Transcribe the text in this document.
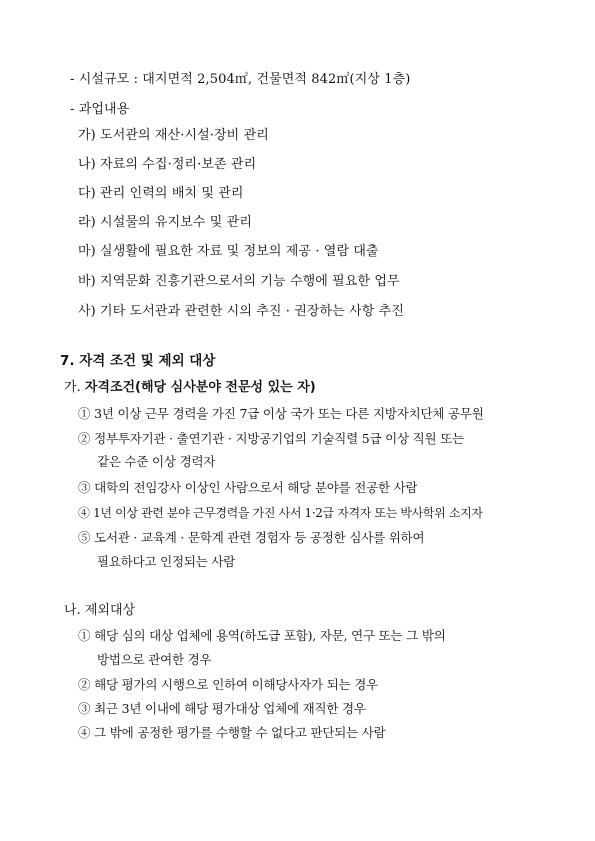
- 시설규모 : 대지면적 2,504㎡, 건물면적 842㎡(지상 1층)
- 과업내용
가) 도서관의 재산·시설·장비 관리
나) 자료의 수집·정리·보존 관리
다) 관리 인력의 배치 및 관리
라) 시설물의 유지보수 및 관리
마) 실생활에 필요한 자료 및 정보의 제공 · 열람 대출
바) 지역문화 진흥기관으로서의 기능 수행에 필요한 업무
사) 기타 도서관과 관련한 시의 추진 · 권장하는 사항 추진
7. 자격 조건 및 제외 대상
가. 자격조건(해당 심사분야 전문성 있는 자)
① 3년 이상 근무 경력을 가진 7급 이상 국가 또는 다른 지방자치단체 공무원
② 정부투자기관 · 출연기관 · 지방공기업의 기술직렬 5급 이상 직원 또는
같은 수준 이상 경력자
③ 대학의 전임강사 이상인 사람으로서 해당 분야를 전공한 사람
④ 1년 이상 관련 분야 근무경력을 가진 사서 1·2급 자격자 또는 박사학위 소지자
⑤ 도서관 · 교육계 · 문학계 관련 경험자 등 공정한 심사를 위하여
필요하다고 인정되는 사람
나. 제외대상
① 해당 심의 대상 업체에 용역(하도급 포함), 자문, 연구 또는 그 밖의
방법으로 관여한 경우
② 해당 평가의 시행으로 인하여 이해당사자가 되는 경우
③ 최근 3년 이내에 해당 평가대상 업체에 재직한 경우
④ 그 밖에 공정한 평가를 수행할 수 없다고 판단되는 사람
